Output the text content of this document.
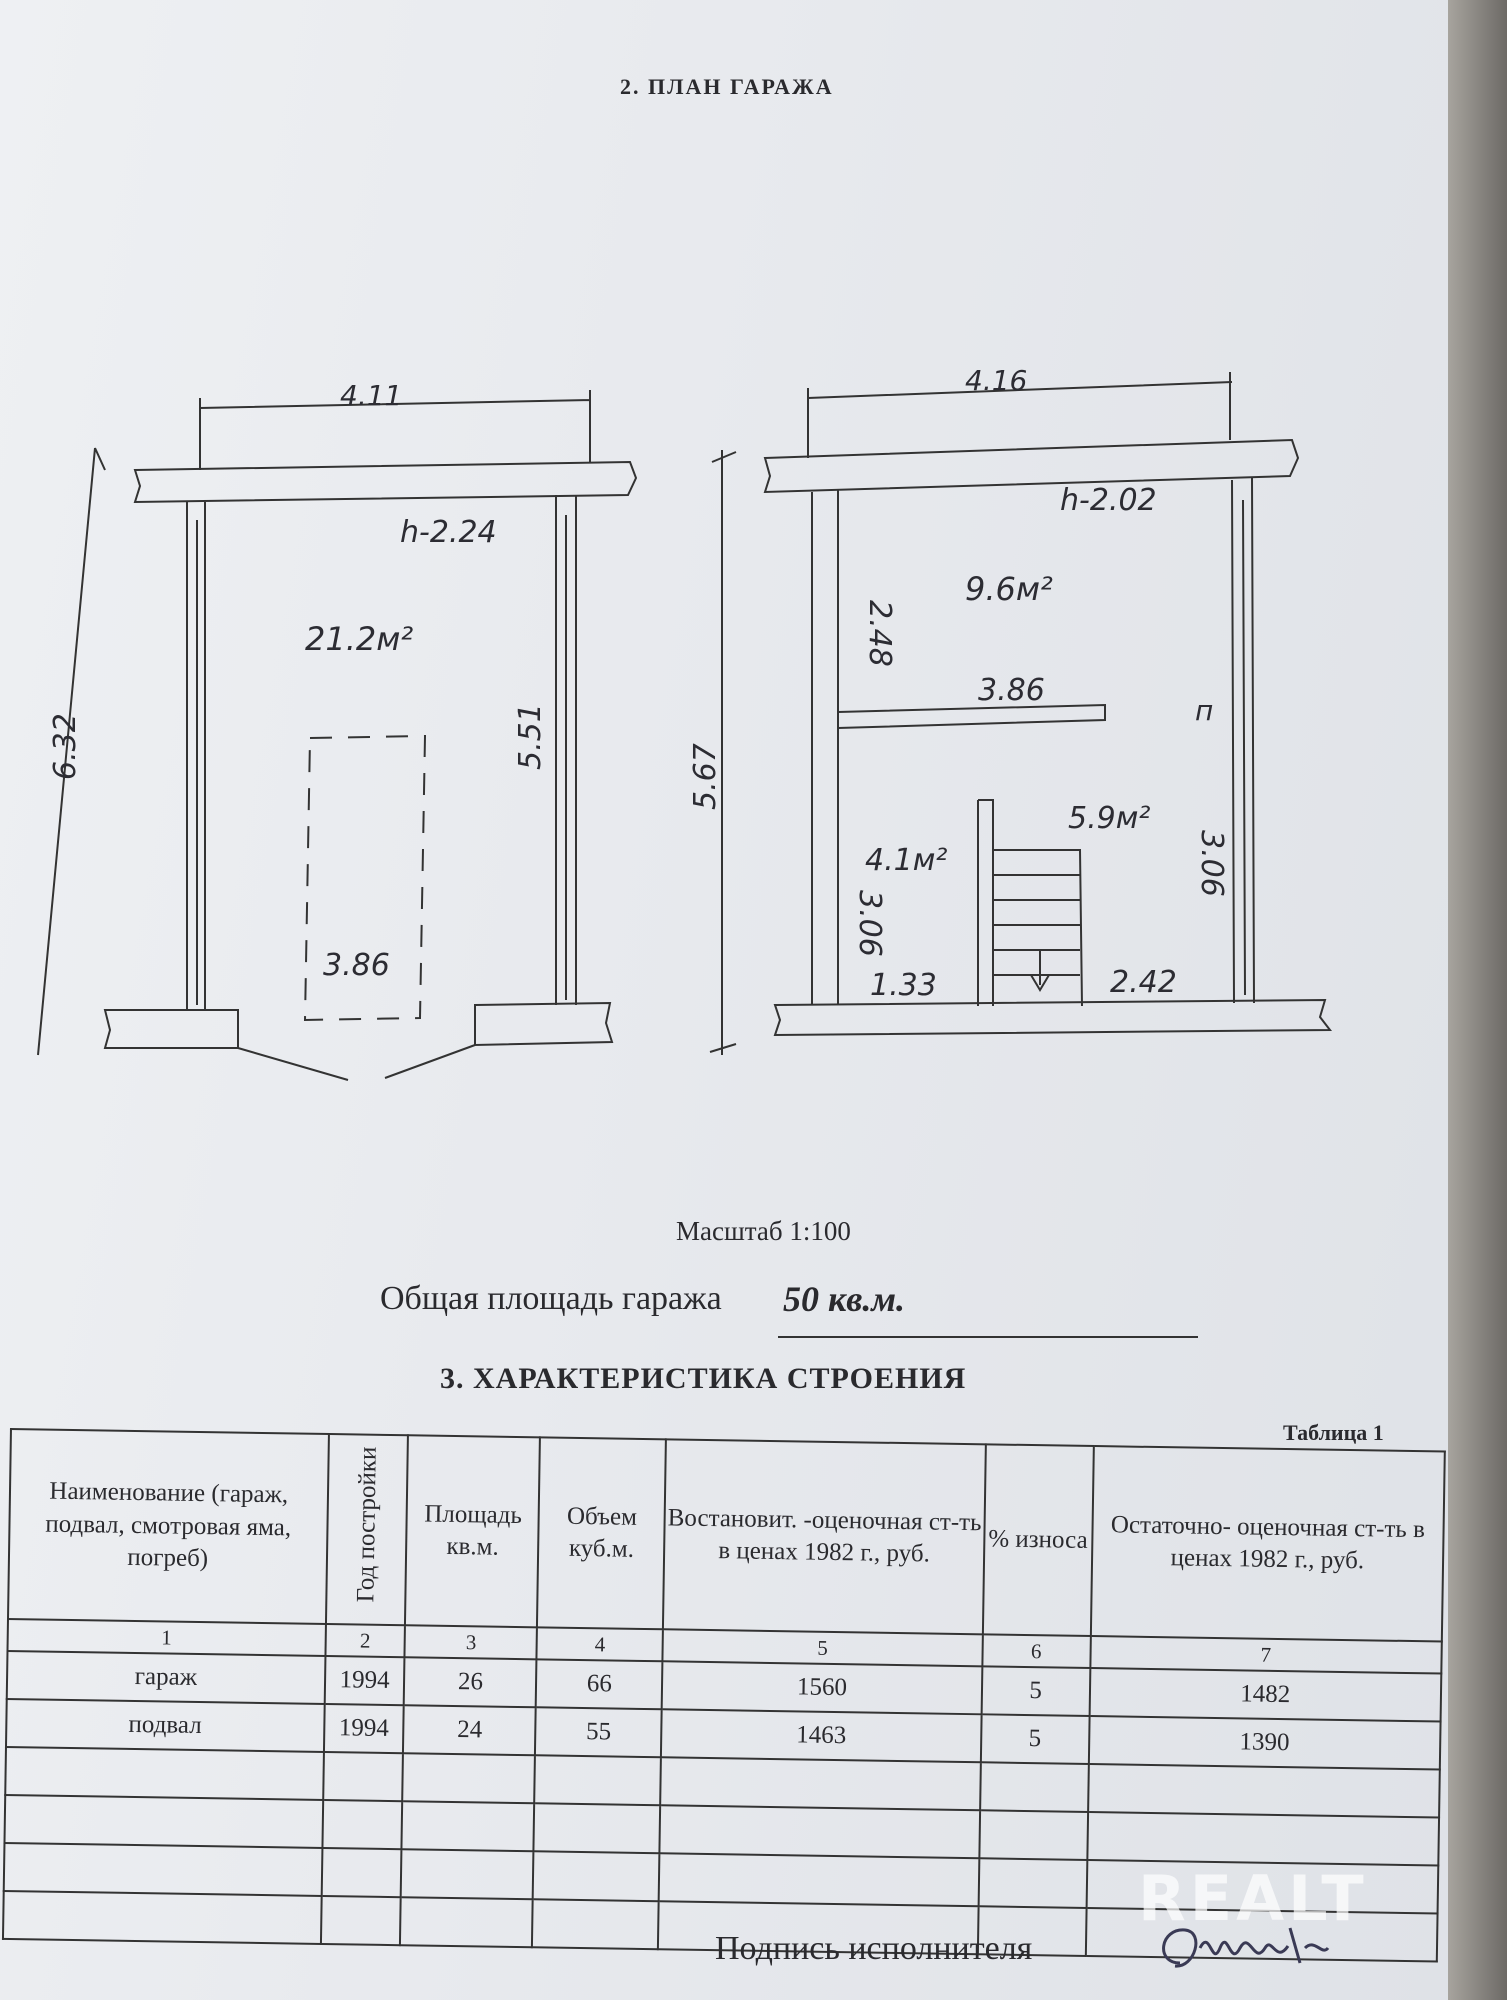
2. ПЛАН ГАРАЖА
4.11
h-2.24
21.2м²
6.32	5.51
3.86
4.16
h-2.02
2.48
9.6м²
3.86
п
5.67
5.9м²
4.1м²
3.06
3.06
1.33	2.42
Масштаб 1:100
Общая площадь гаража 50 кв.м.
3. ХАРАКТЕРИСТИКА СТРОЕНИЯ
Таблица 1
Наименование (гараж, подвал, смотровая яма, погреб)	Год постройки	Площадь кв.м.	Объем куб.м.	Востановит. -оценочная ст-ть в ценах 1982 г., руб.	% износа	Остаточно- оценочная ст-ть в ценах 1982 г., руб.
1	2	3	4	5	6	7
гараж	1994	26	66	1560	5	1482
подвал	1994	24	55	1463	5	1390

Подпись исполнителя
REALT
